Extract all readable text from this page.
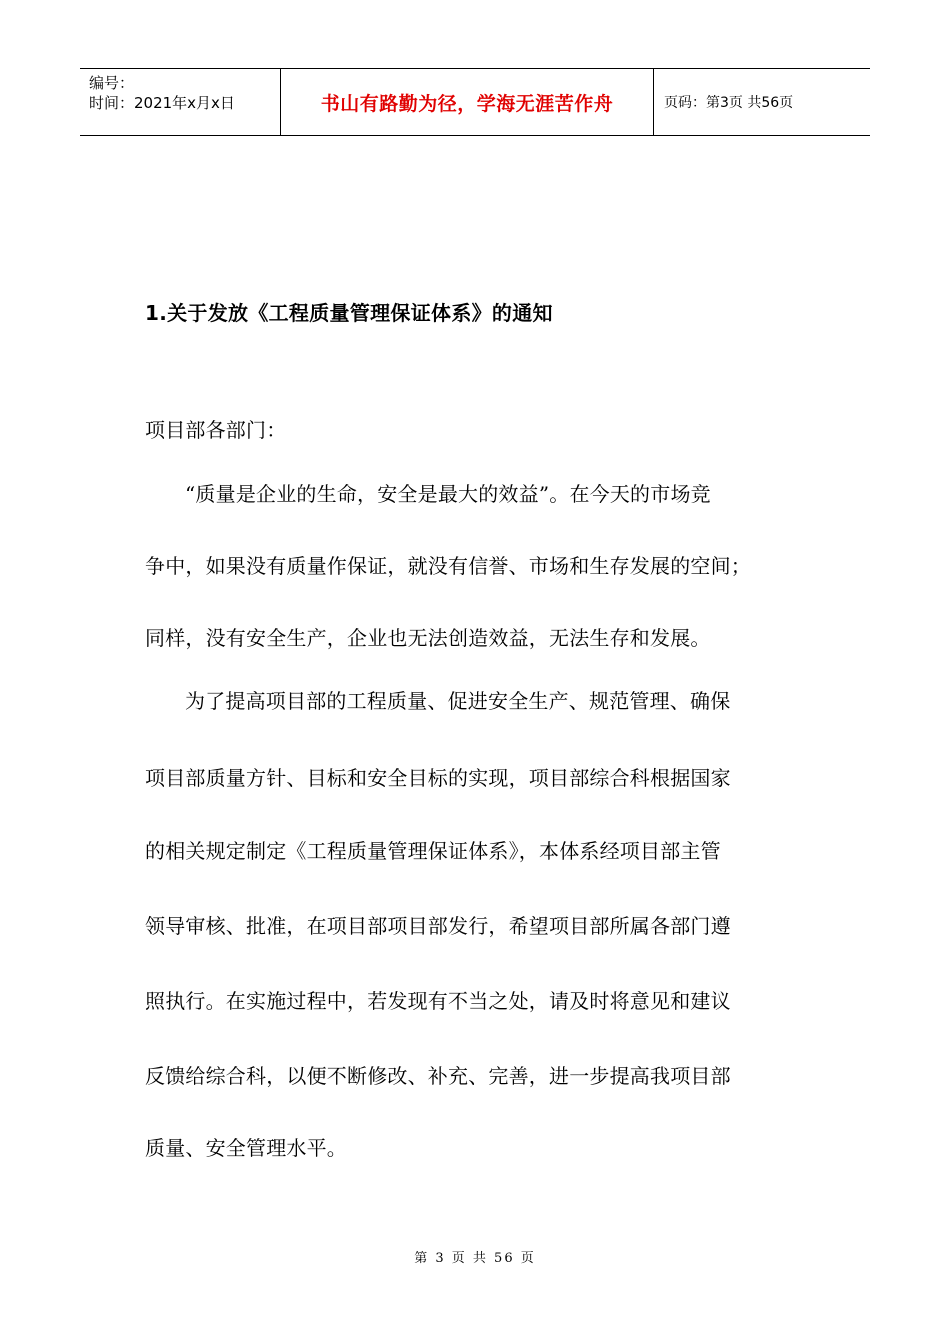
编号：
时间：2021年x月x日	书山有路勤为径，学海无涯苦作舟	页码：第3页 共56页
1.关于发放《工程质量管理保证体系》的通知
项目部各部门：
“质量是企业的生命，安全是最大的效益”。在今天的市场竞
争中，如果没有质量作保证，就没有信誉、市场和生存发展的空间；
同样，没有安全生产，企业也无法创造效益，无法生存和发展。
为了提高项目部的工程质量、促进安全生产、规范管理、确保
项目部质量方针、目标和安全目标的实现，项目部综合科根据国家
的相关规定制定《工程质量管理保证体系》，本体系经项目部主管
领导审核、批准，在项目部项目部发行，希望项目部所属各部门遵
照执行。在实施过程中，若发现有不当之处，请及时将意见和建议
反馈给综合科，以便不断修改、补充、完善，进一步提高我项目部
质量、安全管理水平。
第 3 页 共 56 页
